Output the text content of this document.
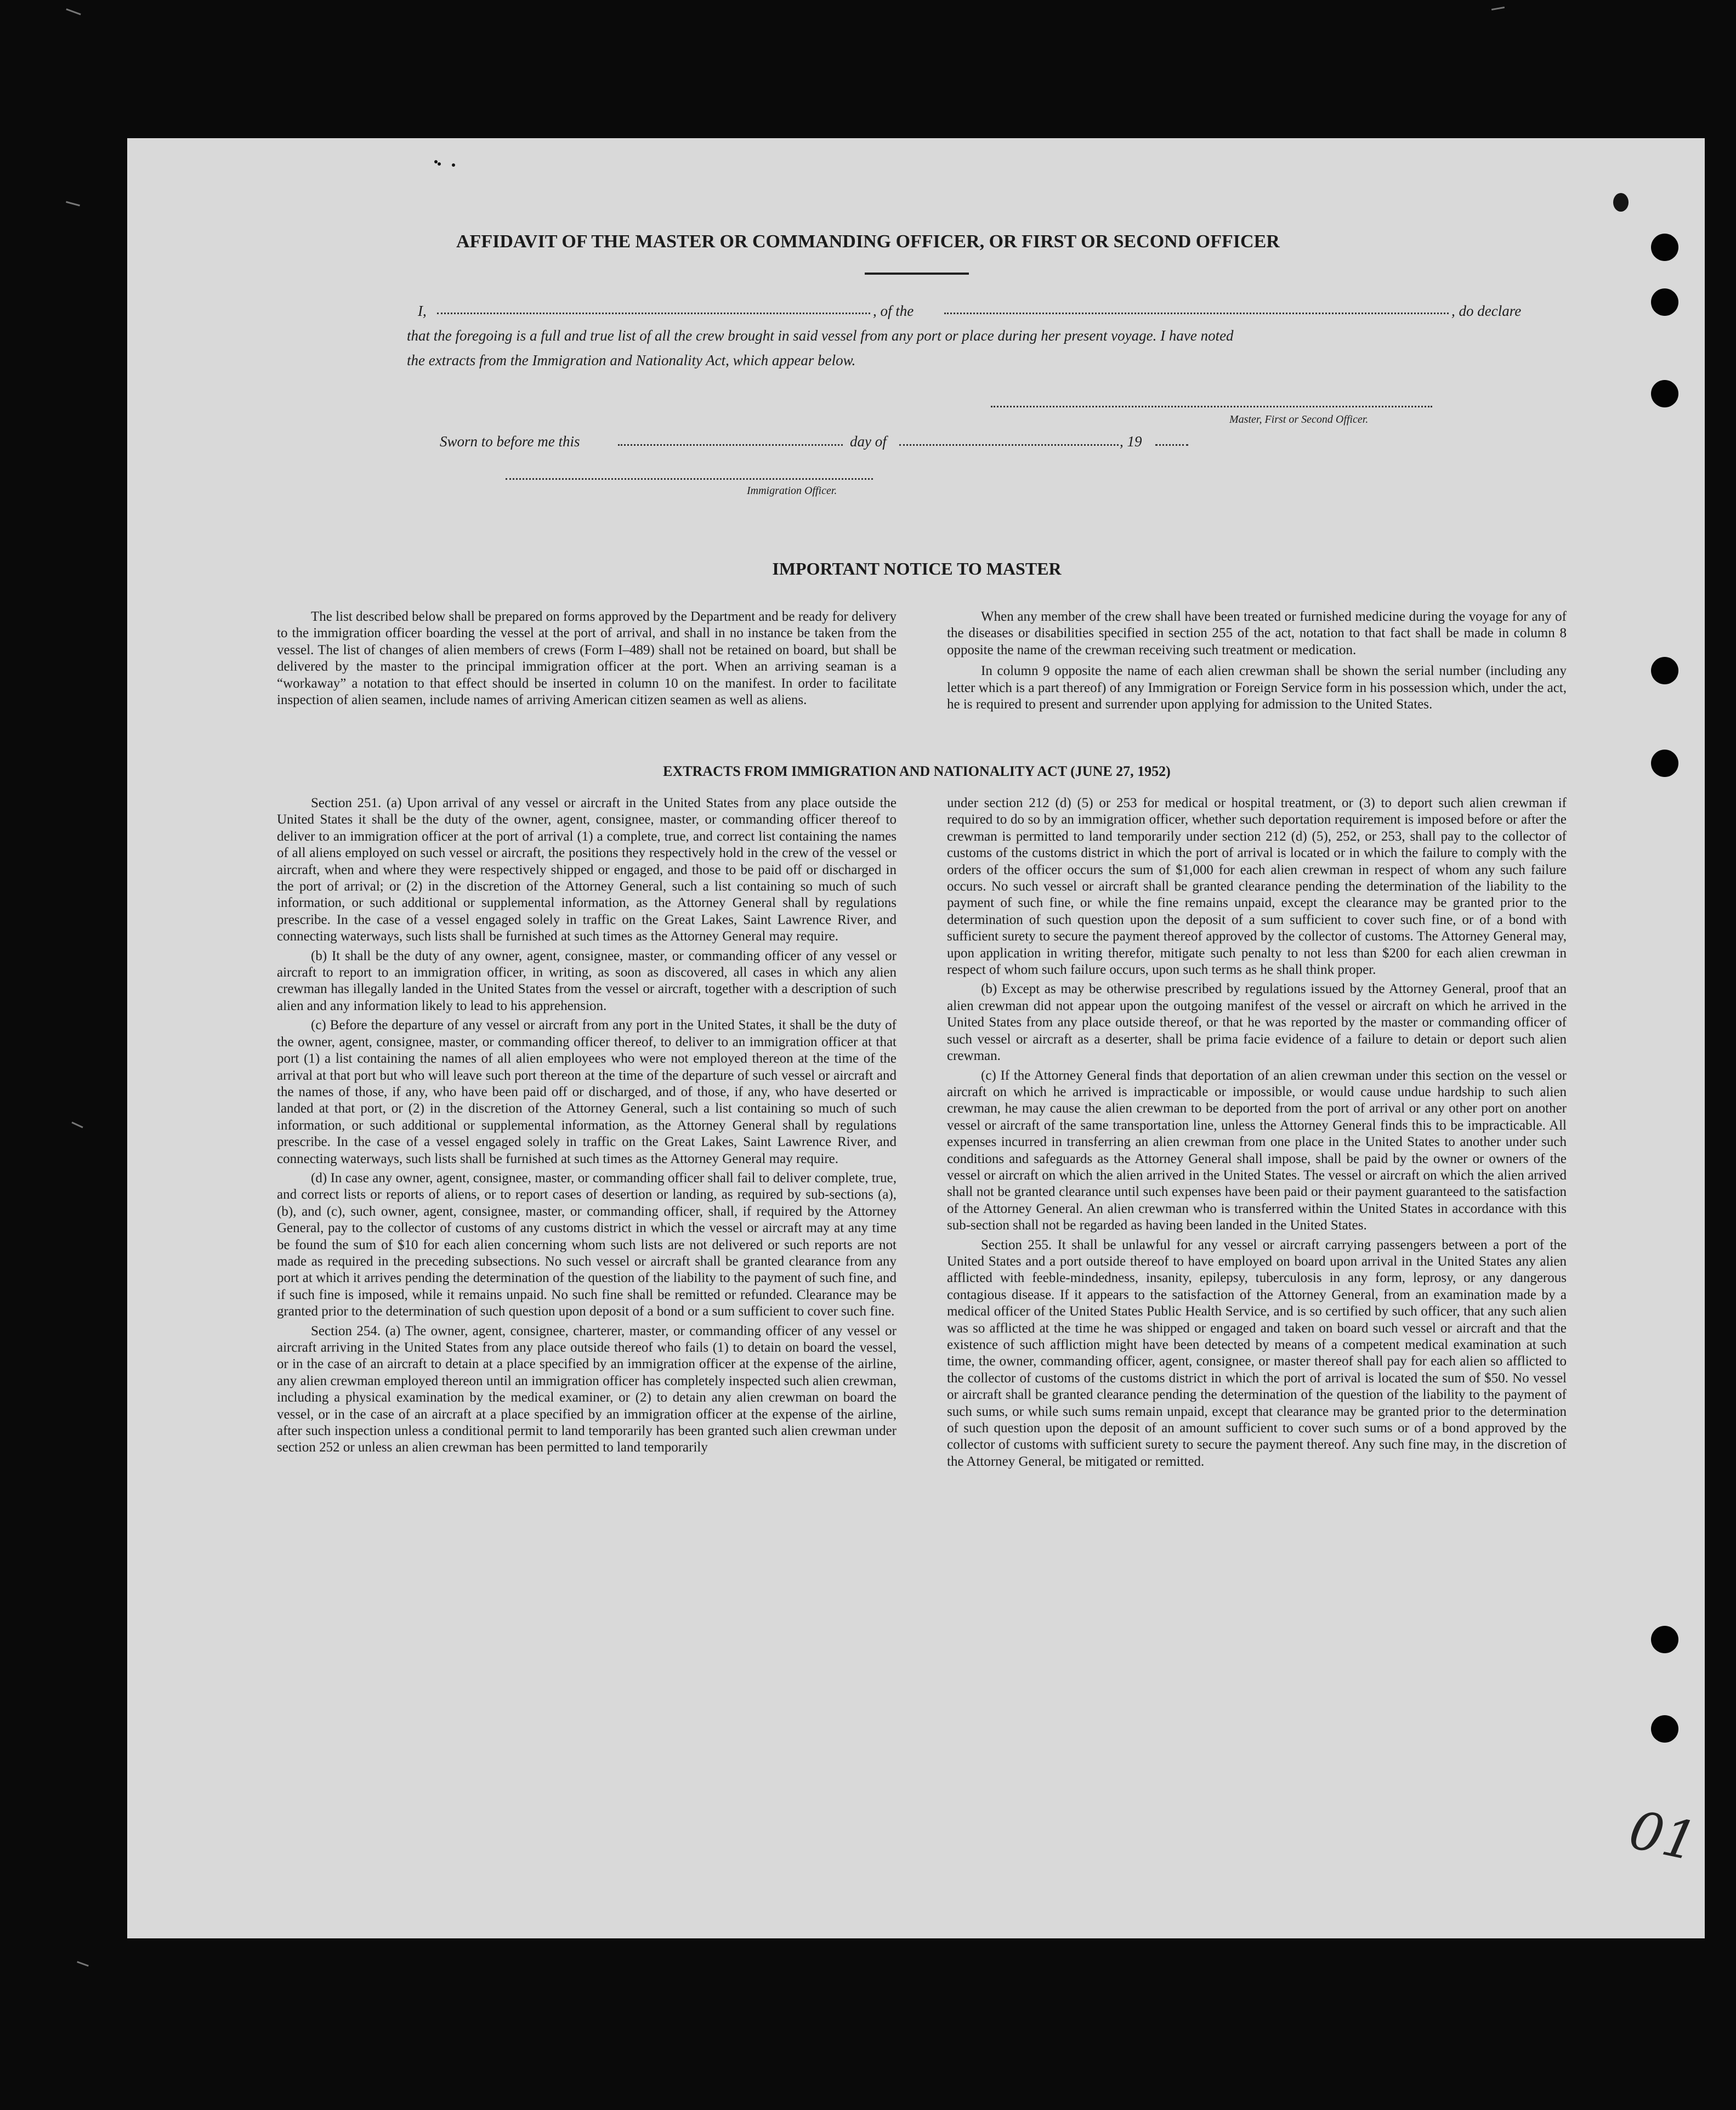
AFFIDAVIT OF THE MASTER OR COMMANDING OFFICER, OR FIRST OR SECOND OFFICER
I,	, of the	, do declare
that the foregoing is a full and true list of all the crew brought in said vessel from any port or place during her present voyage. I have noted
the extracts from the Immigration and Nationality Act, which appear below.
Master, First or Second Officer.
Sworn to before me this	day of	, 19
Immigration Officer.
IMPORTANT NOTICE TO MASTER

The list described below shall be prepared on forms approved by the Department and be ready for delivery to the immigration officer boarding the vessel at the port of arrival, and shall in no instance be taken from the vessel. The list of changes of alien members of crews (Form I–489) shall not be retained on board, but shall be delivered by the master to the principal immigration officer at the port. When an arriving seaman is a “workaway” a notation to that effect should be inserted in column 10 on the manifest. In order to facilitate inspection of alien seamen, include names of arriving American citizen seamen as well as aliens.

When any member of the crew shall have been treated or furnished medicine during the voyage for any of the diseases or disabilities specified in section 255 of the act, notation to that fact shall be made in column 8 opposite the name of the crewman receiving such treatment or medication.

In column 9 opposite the name of each alien crewman shall be shown the serial number (including any letter which is a part thereof) of any Immigration or Foreign Service form in his possession which, under the act, he is required to present and surrender upon applying for admission to the United States.

EXTRACTS FROM IMMIGRATION AND NATIONALITY ACT (JUNE 27, 1952)

Section 251. (a) Upon arrival of any vessel or aircraft in the United States from any place outside the United States it shall be the duty of the owner, agent, consignee, master, or commanding officer thereof to deliver to an immigration officer at the port of arrival (1) a complete, true, and correct list containing the names of all aliens employed on such vessel or aircraft, the positions they respectively hold in the crew of the vessel or aircraft, when and where they were respectively shipped or engaged, and those to be paid off or discharged in the port of arrival; or (2) in the discretion of the Attorney General, such a list containing so much of such information, or such additional or supplemental information, as the Attorney General shall by regulations prescribe. In the case of a vessel engaged solely in traffic on the Great Lakes, Saint Lawrence River, and connecting waterways, such lists shall be furnished at such times as the Attorney General may require.

(b) It shall be the duty of any owner, agent, consignee, master, or commanding officer of any vessel or aircraft to report to an immigration officer, in writing, as soon as discovered, all cases in which any alien crewman has illegally landed in the United States from the vessel or aircraft, together with a description of such alien and any information likely to lead to his apprehension.

(c) Before the departure of any vessel or aircraft from any port in the United States, it shall be the duty of the owner, agent, consignee, master, or commanding officer thereof, to deliver to an immigration officer at that port (1) a list containing the names of all alien employees who were not employed thereon at the time of the arrival at that port but who will leave such port thereon at the time of the departure of such vessel or aircraft and the names of those, if any, who have been paid off or discharged, and of those, if any, who have deserted or landed at that port, or (2) in the discretion of the Attorney General, such a list containing so much of such information, or such additional or supplemental information, as the Attorney General shall by regulations prescribe. In the case of a vessel engaged solely in traffic on the Great Lakes, Saint Lawrence River, and connecting waterways, such lists shall be furnished at such times as the Attorney General may require.

(d) In case any owner, agent, consignee, master, or commanding officer shall fail to deliver complete, true, and correct lists or reports of aliens, or to report cases of desertion or landing, as required by sub-sections (a), (b), and (c), such owner, agent, consignee, master, or commanding officer, shall, if required by the Attorney General, pay to the collector of customs of any customs district in which the vessel or aircraft may at any time be found the sum of $10 for each alien concerning whom such lists are not delivered or such reports are not made as required in the preceding subsections. No such vessel or aircraft shall be granted clearance from any port at which it arrives pending the determination of the question of the liability to the payment of such fine, and if such fine is imposed, while it remains unpaid. No such fine shall be remitted or refunded. Clearance may be granted prior to the determination of such question upon deposit of a bond or a sum sufficient to cover such fine.

Section 254. (a) The owner, agent, consignee, charterer, master, or commanding officer of any vessel or aircraft arriving in the United States from any place outside thereof who fails (1) to detain on board the vessel, or in the case of an aircraft to detain at a place specified by an immigration officer at the expense of the airline, any alien crewman employed thereon until an immigration officer has completely inspected such alien crewman, including a physical examination by the medical examiner, or (2) to detain any alien crewman on board the vessel, or in the case of an aircraft at a place specified by an immigration officer at the expense of the airline, after such inspection unless a conditional permit to land temporarily has been granted such alien crewman under section 252 or unless an alien crewman has been permitted to land temporarily

under section 212 (d) (5) or 253 for medical or hospital treatment, or (3) to deport such alien crewman if required to do so by an immigration officer, whether such deportation requirement is imposed before or after the crewman is permitted to land temporarily under section 212 (d) (5), 252, or 253, shall pay to the collector of customs of the customs district in which the port of arrival is located or in which the failure to comply with the orders of the officer occurs the sum of $1,000 for each alien crewman in respect of whom any such failure occurs. No such vessel or aircraft shall be granted clearance pending the determination of the liability to the payment of such fine, or while the fine remains unpaid, except the clearance may be granted prior to the determination of such question upon the deposit of a sum sufficient to cover such fine, or of a bond with sufficient surety to secure the payment thereof approved by the collector of customs. The Attorney General may, upon application in writing therefor, mitigate such penalty to not less than $200 for each alien crewman in respect of whom such failure occurs, upon such terms as he shall think proper.

(b) Except as may be otherwise prescribed by regulations issued by the Attorney General, proof that an alien crewman did not appear upon the outgoing manifest of the vessel or aircraft on which he arrived in the United States from any place outside thereof, or that he was reported by the master or commanding officer of such vessel or aircraft as a deserter, shall be prima facie evidence of a failure to detain or deport such alien crewman.

(c) If the Attorney General finds that deportation of an alien crewman under this section on the vessel or aircraft on which he arrived is impracticable or impossible, or would cause undue hardship to such alien crewman, he may cause the alien crewman to be deported from the port of arrival or any other port on another vessel or aircraft of the same transportation line, unless the Attorney General finds this to be impracticable. All expenses incurred in transferring an alien crewman from one place in the United States to another under such conditions and safeguards as the Attorney General shall impose, shall be paid by the owner or owners of the vessel or aircraft on which the alien arrived in the United States. The vessel or aircraft on which the alien arrived shall not be granted clearance until such expenses have been paid or their payment guaranteed to the satisfaction of the Attorney General. An alien crewman who is transferred within the United States in accordance with this sub-section shall not be regarded as having been landed in the United States.

Section 255. It shall be unlawful for any vessel or aircraft carrying passengers between a port of the United States and a port outside thereof to have employed on board upon arrival in the United States any alien afflicted with feeble-mindedness, insanity, epilepsy, tuberculosis in any form, leprosy, or any dangerous contagious disease. If it appears to the satisfaction of the Attorney General, from an examination made by a medical officer of the United States Public Health Service, and is so certified by such officer, that any such alien was so afflicted at the time he was shipped or engaged and taken on board such vessel or aircraft and that the existence of such affliction might have been detected by means of a competent medical examination at such time, the owner, commanding officer, agent, consignee, or master thereof shall pay for each alien so afflicted to the collector of customs of the customs district in which the port of arrival is located the sum of $50. No vessel or aircraft shall be granted clearance pending the determination of the question of the liability to the payment of such sums, or while such sums remain unpaid, except that clearance may be granted prior to the determination of such question upon the deposit of an amount sufficient to cover such sums or of a bond approved by the collector of customs with sufficient surety to secure the payment thereof. Any such fine may, in the discretion of the Attorney General, be mitigated or remitted.

01
